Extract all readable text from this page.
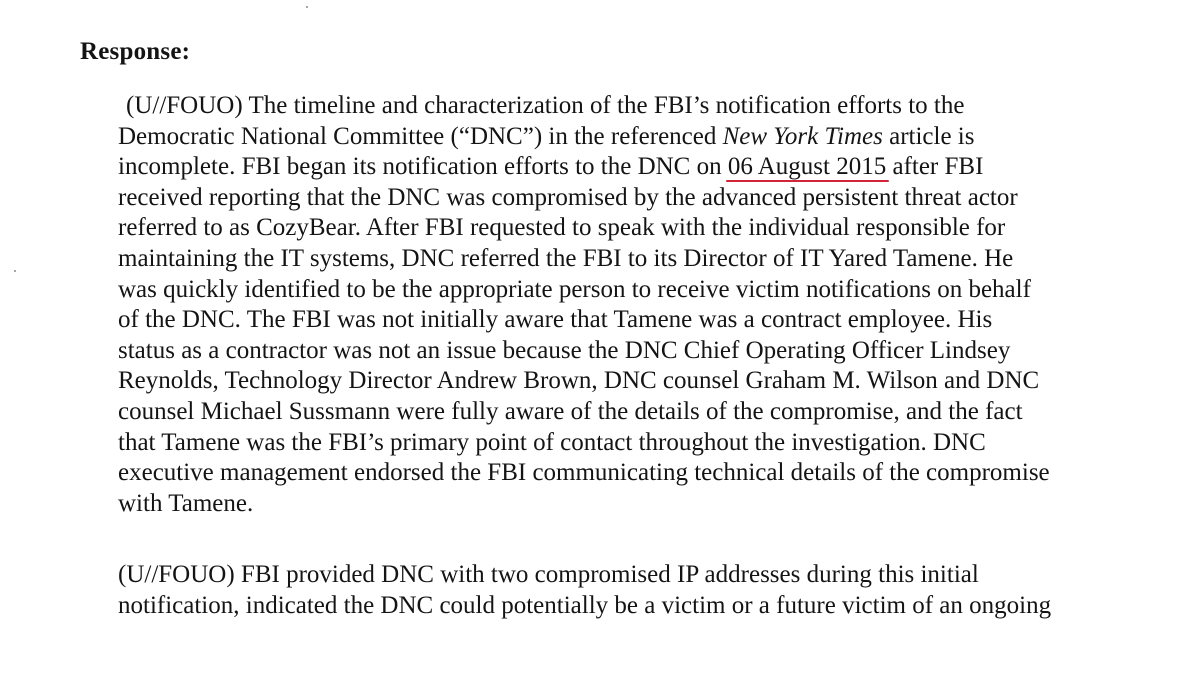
Response:
(U//FOUO) The timeline and characterization of the FBI’s notification efforts to the
Democratic National Committee (“DNC”) in the referenced New York Times article is
incomplete. FBI began its notification efforts to the DNC on 06 August 2015 after FBI
received reporting that the DNC was compromised by the advanced persistent threat actor
referred to as CozyBear. After FBI requested to speak with the individual responsible for
maintaining the IT systems, DNC referred the FBI to its Director of IT Yared Tamene. He
was quickly identified to be the appropriate person to receive victim notifications on behalf
of the DNC. The FBI was not initially aware that Tamene was a contract employee. His
status as a contractor was not an issue because the DNC Chief Operating Officer Lindsey
Reynolds, Technology Director Andrew Brown, DNC counsel Graham M. Wilson and DNC
counsel Michael Sussmann were fully aware of the details of the compromise, and the fact
that Tamene was the FBI’s primary point of contact throughout the investigation. DNC
executive management endorsed the FBI communicating technical details of the compromise
with Tamene.
(U//FOUO) FBI provided DNC with two compromised IP addresses during this initial
notification, indicated the DNC could potentially be a victim or a future victim of an ongoing
